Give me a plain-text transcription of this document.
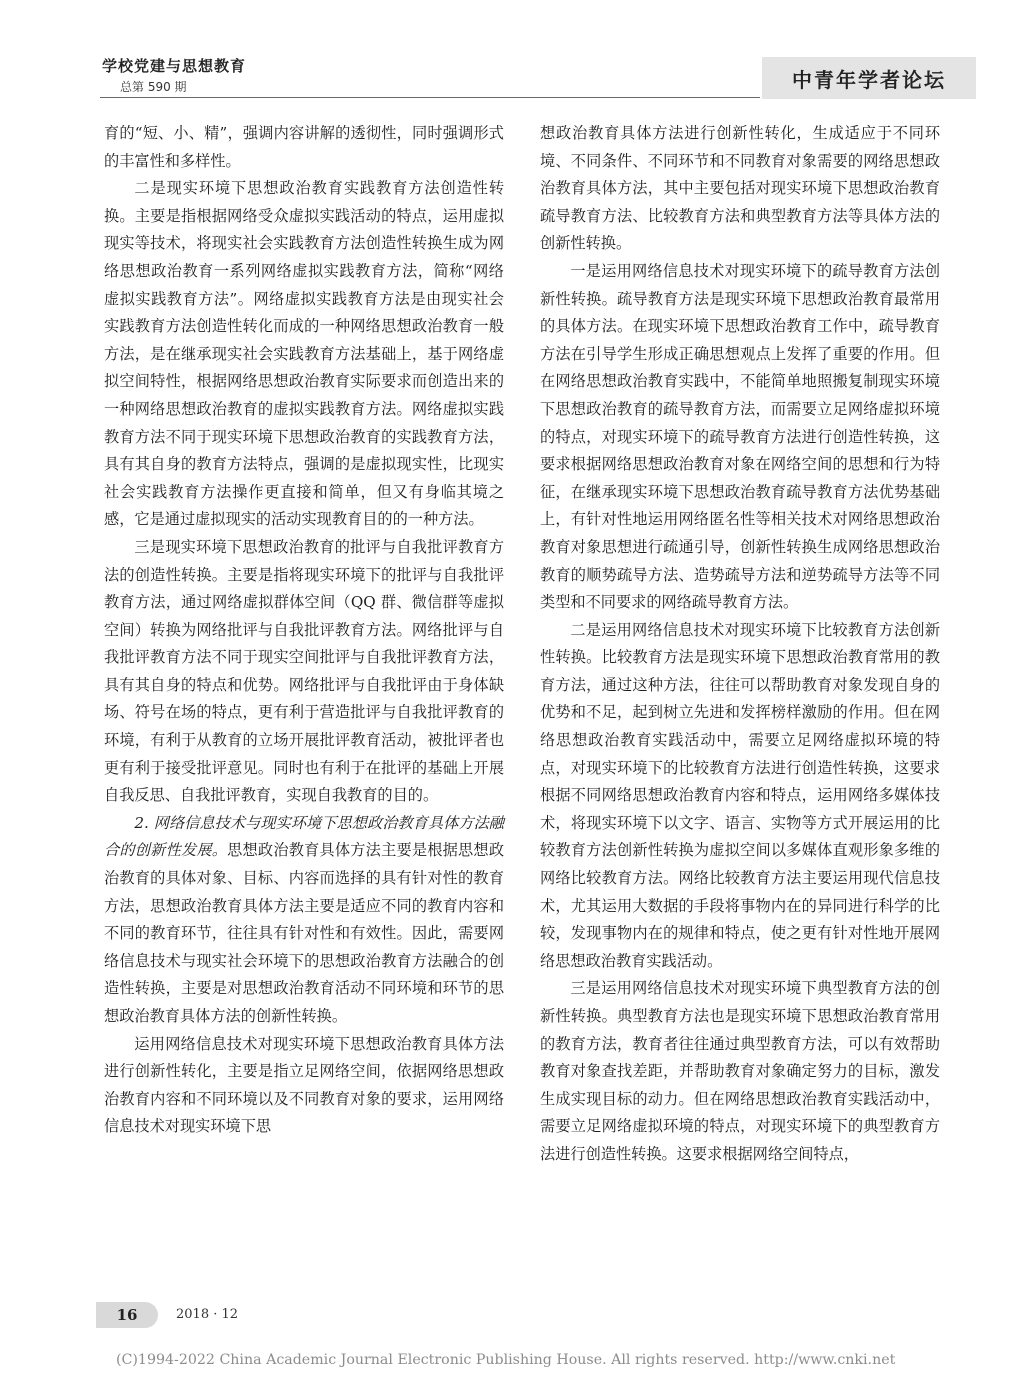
学校党建与思想教育
总第 590 期	中青年学者论坛

育的“短、小、精”，强调内容讲解的透彻性，同时强调形式的丰富性和多样性。

二是现实环境下思想政治教育实践教育方法创造性转换。主要是指根据网络受众虚拟实践活动的特点，运用虚拟现实等技术，将现实社会实践教育方法创造性转换生成为网络思想政治教育一系列网络虚拟实践教育方法，简称“网络虚拟实践教育方法”。网络虚拟实践教育方法是由现实社会实践教育方法创造性转化而成的一种网络思想政治教育一般方法，是在继承现实社会实践教育方法基础上，基于网络虚拟空间特性，根据网络思想政治教育实际要求而创造出来的一种网络思想政治教育的虚拟实践教育方法。网络虚拟实践教育方法不同于现实环境下思想政治教育的实践教育方法，具有其自身的教育方法特点，强调的是虚拟现实性，比现实社会实践教育方法操作更直接和简单，但又有身临其境之感，它是通过虚拟现实的活动实现教育目的的一种方法。

三是现实环境下思想政治教育的批评与自我批评教育方法的创造性转换。主要是指将现实环境下的批评与自我批评教育方法，通过网络虚拟群体空间（QQ 群、微信群等虚拟空间）转换为网络批评与自我批评教育方法。网络批评与自我批评教育方法不同于现实空间批评与自我批评教育方法，具有其自身的特点和优势。网络批评与自我批评由于身体缺场、符号在场的特点，更有利于营造批评与自我批评教育的环境，有利于从教育的立场开展批评教育活动，被批评者也更有利于接受批评意见。同时也有利于在批评的基础上开展自我反思、自我批评教育，实现自我教育的目的。

2. 网络信息技术与现实环境下思想政治教育具体方法融合的创新性发展。思想政治教育具体方法主要是根据思想政治教育的具体对象、目标、内容而选择的具有针对性的教育方法，思想政治教育具体方法主要是适应不同的教育内容和不同的教育环节，往往具有针对性和有效性。因此，需要网络信息技术与现实社会环境下的思想政治教育方法融合的创造性转换，主要是对思想政治教育活动不同环境和环节的思想政治教育具体方法的创新性转换。

运用网络信息技术对现实环境下思想政治教育具体方法进行创新性转化，主要是指立足网络空间，依据网络思想政治教育内容和不同环境以及不同教育对象的要求，运用网络信息技术对现实环境下思

想政治教育具体方法进行创新性转化，生成适应于不同环境、不同条件、不同环节和不同教育对象需要的网络思想政治教育具体方法，其中主要包括对现实环境下思想政治教育疏导教育方法、比较教育方法和典型教育方法等具体方法的创新性转换。

一是运用网络信息技术对现实环境下的疏导教育方法创新性转换。疏导教育方法是现实环境下思想政治教育最常用的具体方法。在现实环境下思想政治教育工作中，疏导教育方法在引导学生形成正确思想观点上发挥了重要的作用。但在网络思想政治教育实践中，不能简单地照搬复制现实环境下思想政治教育的疏导教育方法，而需要立足网络虚拟环境的特点，对现实环境下的疏导教育方法进行创造性转换，这要求根据网络思想政治教育对象在网络空间的思想和行为特征，在继承现实环境下思想政治教育疏导教育方法优势基础上，有针对性地运用网络匿名性等相关技术对网络思想政治教育对象思想进行疏通引导，创新性转换生成网络思想政治教育的顺势疏导方法、造势疏导方法和逆势疏导方法等不同类型和不同要求的网络疏导教育方法。

二是运用网络信息技术对现实环境下比较教育方法创新性转换。比较教育方法是现实环境下思想政治教育常用的教育方法，通过这种方法，往往可以帮助教育对象发现自身的优势和不足，起到树立先进和发挥榜样激励的作用。但在网络思想政治教育实践活动中，需要立足网络虚拟环境的特点，对现实环境下的比较教育方法进行创造性转换，这要求根据不同网络思想政治教育内容和特点，运用网络多媒体技术，将现实环境下以文字、语言、实物等方式开展运用的比较教育方法创新性转换为虚拟空间以多媒体直观形象多维的网络比较教育方法。网络比较教育方法主要运用现代信息技术，尤其运用大数据的手段将事物内在的异同进行科学的比较，发现事物内在的规律和特点，使之更有针对性地开展网络思想政治教育实践活动。

三是运用网络信息技术对现实环境下典型教育方法的创新性转换。典型教育方法也是现实环境下思想政治教育常用的教育方法，教育者往往通过典型教育方法，可以有效帮助教育对象查找差距，并帮助教育对象确定努力的目标，激发生成实现目标的动力。但在网络思想政治教育实践活动中，需要立足网络虚拟环境的特点，对现实环境下的典型教育方法进行创造性转换。这要求根据网络空间特点，

16	2018 · 12
(C)1994-2022 China Academic Journal Electronic Publishing House. All rights reserved. http://www.cnki.net
